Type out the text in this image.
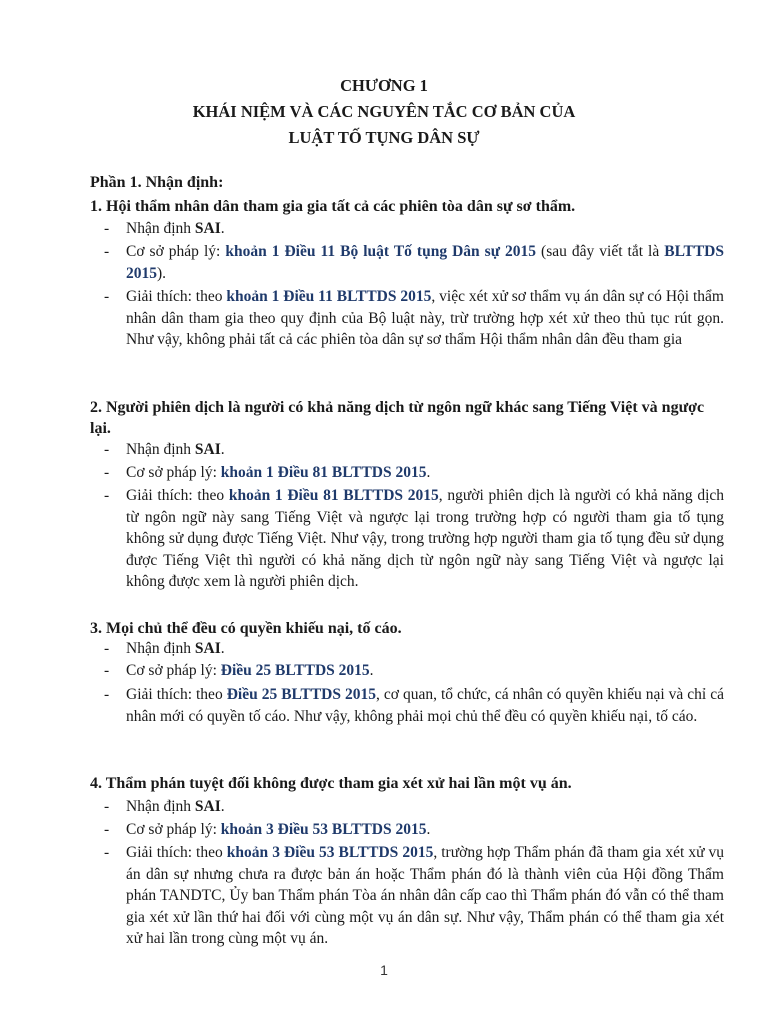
CHƯƠNG 1
KHÁI NIỆM VÀ CÁC NGUYÊN TẮC CƠ BẢN CỦA
LUẬT TỐ TỤNG DÂN SỰ
Phần 1. Nhận định:
1. Hội thẩm nhân dân tham gia gia tất cả các phiên tòa dân sự sơ thẩm.
- Nhận định SAI.
- Cơ sở pháp lý: khoản 1 Điều 11 Bộ luật Tố tụng Dân sự 2015 (sau đây viết tắt là BLTTDS 2015).
- Giải thích: theo khoản 1 Điều 11 BLTTDS 2015, việc xét xử sơ thẩm vụ án dân sự có Hội thẩm nhân dân tham gia theo quy định của Bộ luật này, trừ trường hợp xét xử theo thủ tục rút gọn. Như vậy, không phải tất cả các phiên tòa dân sự sơ thẩm Hội thẩm nhân dân đều tham gia
2. Người phiên dịch là người có khả năng dịch từ ngôn ngữ khác sang Tiếng Việt và ngược lại.
- Nhận định SAI.
- Cơ sở pháp lý: khoản 1 Điều 81 BLTTDS 2015.
- Giải thích: theo khoản 1 Điều 81 BLTTDS 2015, người phiên dịch là người có khả năng dịch từ ngôn ngữ này sang Tiếng Việt và ngược lại trong trường hợp có người tham gia tố tụng không sử dụng được Tiếng Việt. Như vậy, trong trường hợp người tham gia tố tụng đều sử dụng được Tiếng Việt thì người có khả năng dịch từ ngôn ngữ này sang Tiếng Việt và ngược lại không được xem là người phiên dịch.
3. Mọi chủ thể đều có quyền khiếu nại, tố cáo.
- Nhận định SAI.
- Cơ sở pháp lý: Điều 25 BLTTDS 2015.
- Giải thích: theo Điều 25 BLTTDS 2015, cơ quan, tổ chức, cá nhân có quyền khiếu nại và chỉ cá nhân mới có quyền tố cáo. Như vậy, không phải mọi chủ thể đều có quyền khiếu nại, tố cáo.
4. Thẩm phán tuyệt đối không được tham gia xét xử hai lần một vụ án.
- Nhận định SAI.
- Cơ sở pháp lý: khoản 3 Điều 53 BLTTDS 2015.
- Giải thích: theo khoản 3 Điều 53 BLTTDS 2015, trường hợp Thẩm phán đã tham gia xét xử vụ án dân sự nhưng chưa ra được bản án hoặc Thẩm phán đó là thành viên của Hội đồng Thẩm phán TANDTC, Ủy ban Thẩm phán Tòa án nhân dân cấp cao thì Thẩm phán đó vẫn có thể tham gia xét xử lần thứ hai đối với cùng một vụ án dân sự. Như vậy, Thẩm phán có thể tham gia xét xử hai lần trong cùng một vụ án.
1
